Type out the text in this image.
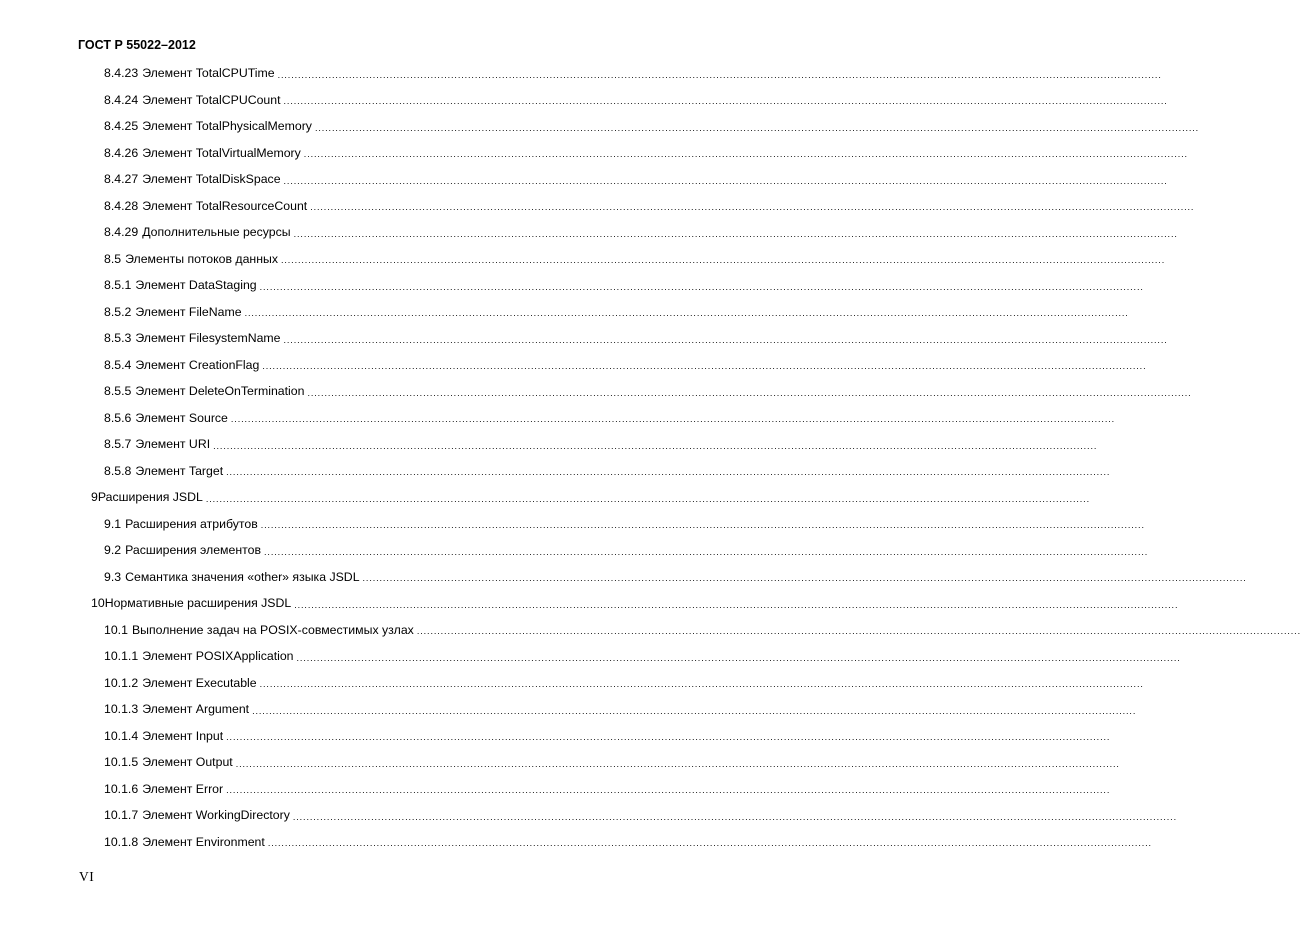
ГОСТ Р 55022–2012
8.4.23 Элемент TotalCPUTime ....................................................................................................................................................................................................................................................................
8.4.24 Элемент TotalCPUCount ....................................................................................................................................................................................................................................................................
8.4.25 Элемент TotalPhysicalMemory ....................................................................................................................................................................................................................................................................
8.4.26 Элемент TotalVirtualMemory ....................................................................................................................................................................................................................................................................
8.4.27 Элемент TotalDiskSpace ....................................................................................................................................................................................................................................................................
8.4.28 Элемент TotalResourceCount ....................................................................................................................................................................................................................................................................
8.4.29 Дополнительные ресурсы ....................................................................................................................................................................................................................................................................
8.5 Элементы потоков данных ....................................................................................................................................................................................................................................................................
8.5.1 Элемент DataStaging ....................................................................................................................................................................................................................................................................
8.5.2 Элемент FileName ....................................................................................................................................................................................................................................................................
8.5.3 Элемент FilesystemName ....................................................................................................................................................................................................................................................................
8.5.4 Элемент CreationFlag ....................................................................................................................................................................................................................................................................
8.5.5 Элемент DeleteOnTermination ....................................................................................................................................................................................................................................................................
8.5.6 Элемент Source ....................................................................................................................................................................................................................................................................
8.5.7 Элемент URI ....................................................................................................................................................................................................................................................................
8.5.8 Элемент Target ....................................................................................................................................................................................................................................................................
9 Расширения JSDL ....................................................................................................................................................................................................................................................................
9.1 Расширения атрибутов ....................................................................................................................................................................................................................................................................
9.2 Расширения элементов ....................................................................................................................................................................................................................................................................
9.3 Семантика значения «other» языка JSDL ....................................................................................................................................................................................................................................................................
10 Нормативные расширения JSDL ....................................................................................................................................................................................................................................................................
10.1 Выполнение задач на POSIX-совместимых узлах ....................................................................................................................................................................................................................................................................
10.1.1 Элемент POSIXApplication ....................................................................................................................................................................................................................................................................
10.1.2 Элемент Executable ....................................................................................................................................................................................................................................................................
10.1.3 Элемент Argument ....................................................................................................................................................................................................................................................................
10.1.4 Элемент Input ....................................................................................................................................................................................................................................................................
10.1.5 Элемент Output ....................................................................................................................................................................................................................................................................
10.1.6 Элемент Error ....................................................................................................................................................................................................................................................................
10.1.7 Элемент WorkingDirectory ....................................................................................................................................................................................................................................................................
10.1.8 Элемент Environment ....................................................................................................................................................................................................................................................................
VI
